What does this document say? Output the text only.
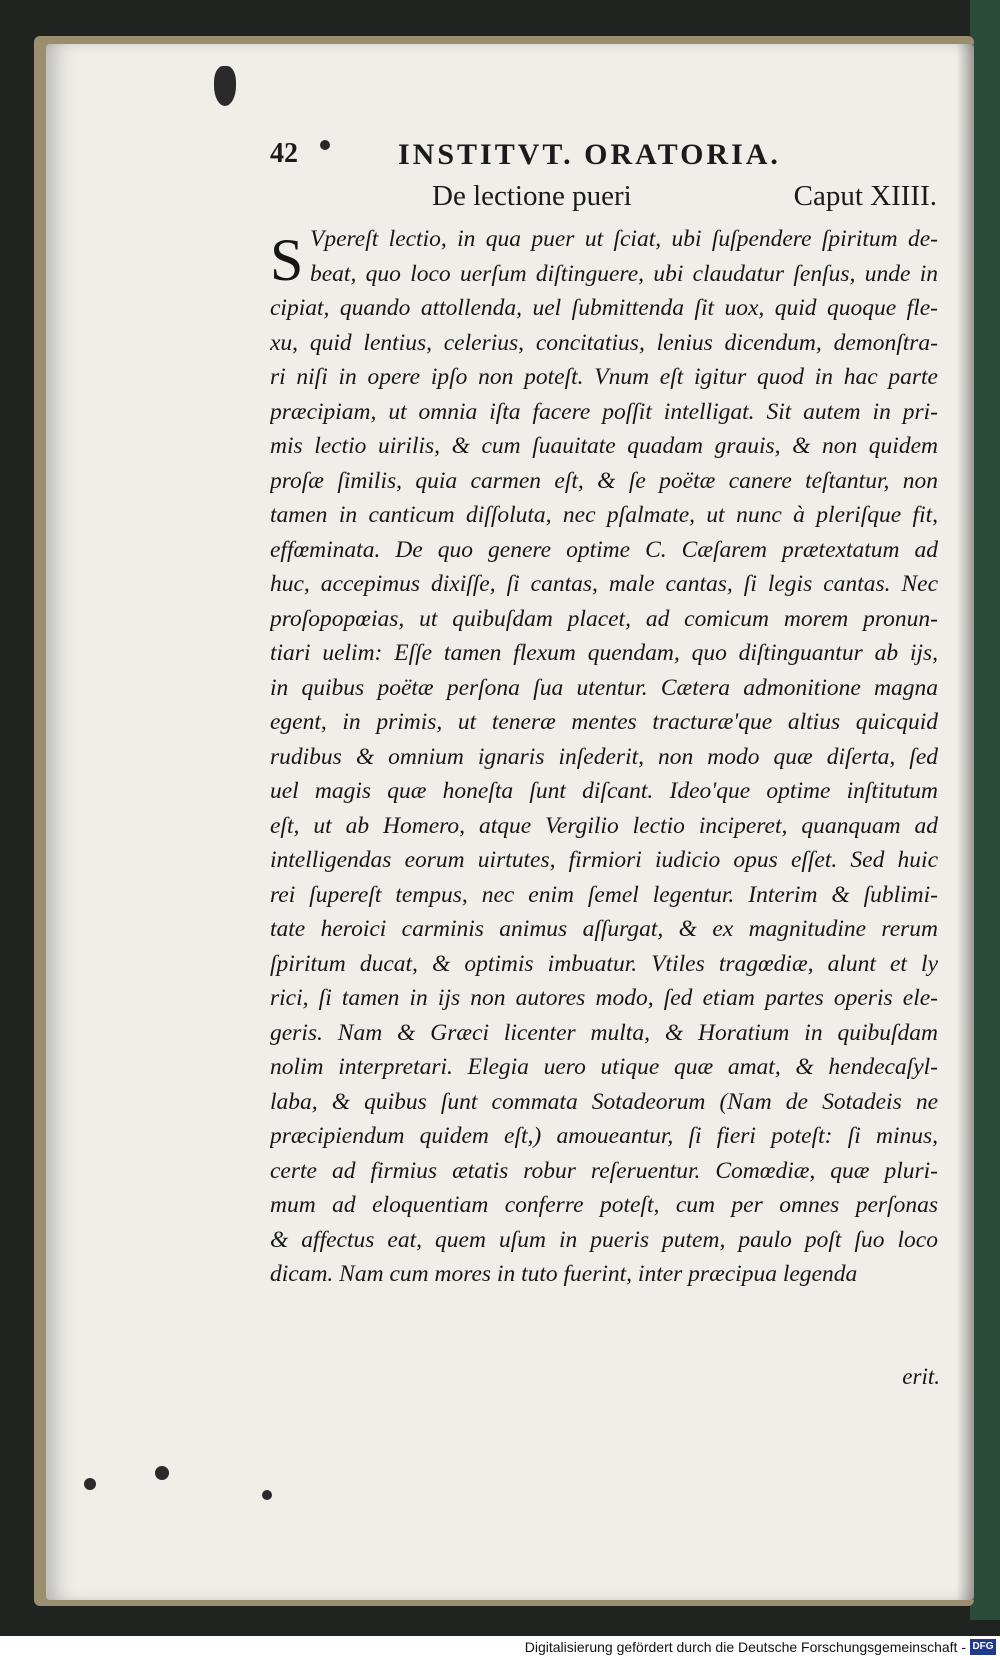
42	INSTITVT. ORATORIA.
De lectione pueri	Caput XIIII.
S Vpereſt lectio, in qua puer ut ſciat, ubi ſuſpendere ſpiritum de-
beat, quo loco uerſum diſtinguere, ubi claudatur ſenſus, unde in
cipiat, quando attollenda, uel ſubmittenda ſit uox, quid quoque fle-
xu, quid lentius, celerius, concitatius, lenius dicendum, demonſtra-
ri niſi in opere ipſo non poteſt. Vnum eſt igitur quod in hac parte
præcipiam, ut omnia iſta facere poſſit intelligat. Sit autem in pri-
mis lectio uirilis, & cum ſuauitate quadam grauis, & non quidem
proſæ ſimilis, quia carmen eſt, & ſe poëtæ canere teſtantur, non
tamen in canticum diſſoluta, nec pſalmate, ut nunc à pleriſque fit,
effœminata. De quo genere optime C. Cæſarem prætextatum ad
huc, accepimus dixiſſe, ſi cantas, male cantas, ſi legis cantas. Nec
proſopopœias, ut quibuſdam placet, ad comicum morem pronun-
tiari uelim: Eſſe tamen flexum quendam, quo diſtinguantur ab ijs,
in quibus poëtæ perſona ſua utentur. Cætera admonitione magna
egent, in primis, ut teneræ mentes tracturæ'que altius quicquid
rudibus & omnium ignaris inſederit, non modo quæ diſerta, ſed
uel magis quæ honeſta ſunt diſcant. Ideo'que optime inſtitutum
eſt, ut ab Homero, atque Vergilio lectio inciperet, quanquam ad
intelligendas eorum uirtutes, firmiori iudicio opus eſſet. Sed huic
rei ſupereſt tempus, nec enim ſemel legentur. Interim & ſublimi-
tate heroici carminis animus aſſurgat, & ex magnitudine rerum
ſpiritum ducat, & optimis imbuatur. Vtiles tragœdiæ, alunt et ly
rici, ſi tamen in ijs non autores modo, ſed etiam partes operis ele-
geris. Nam & Græci licenter multa, & Horatium in quibuſdam
nolim interpretari. Elegia uero utique quæ amat, & hendecaſyl-
laba, & quibus ſunt commata Sotadeorum (Nam de Sotadeis ne
præcipiendum quidem eſt,) amoueantur, ſi fieri poteſt: ſi minus,
certe ad firmius ætatis robur reſeruentur. Comœdiæ, quæ pluri-
mum ad eloquentiam conferre poteſt, cum per omnes perſonas
& affectus eat, quem uſum in pueris putem, paulo poſt ſuo loco
dicam. Nam cum mores in tuto fuerint, inter præcipua legenda
erit.
Digitalisierung gefördert durch die Deutsche Forschungsgemeinschaft - DFG
